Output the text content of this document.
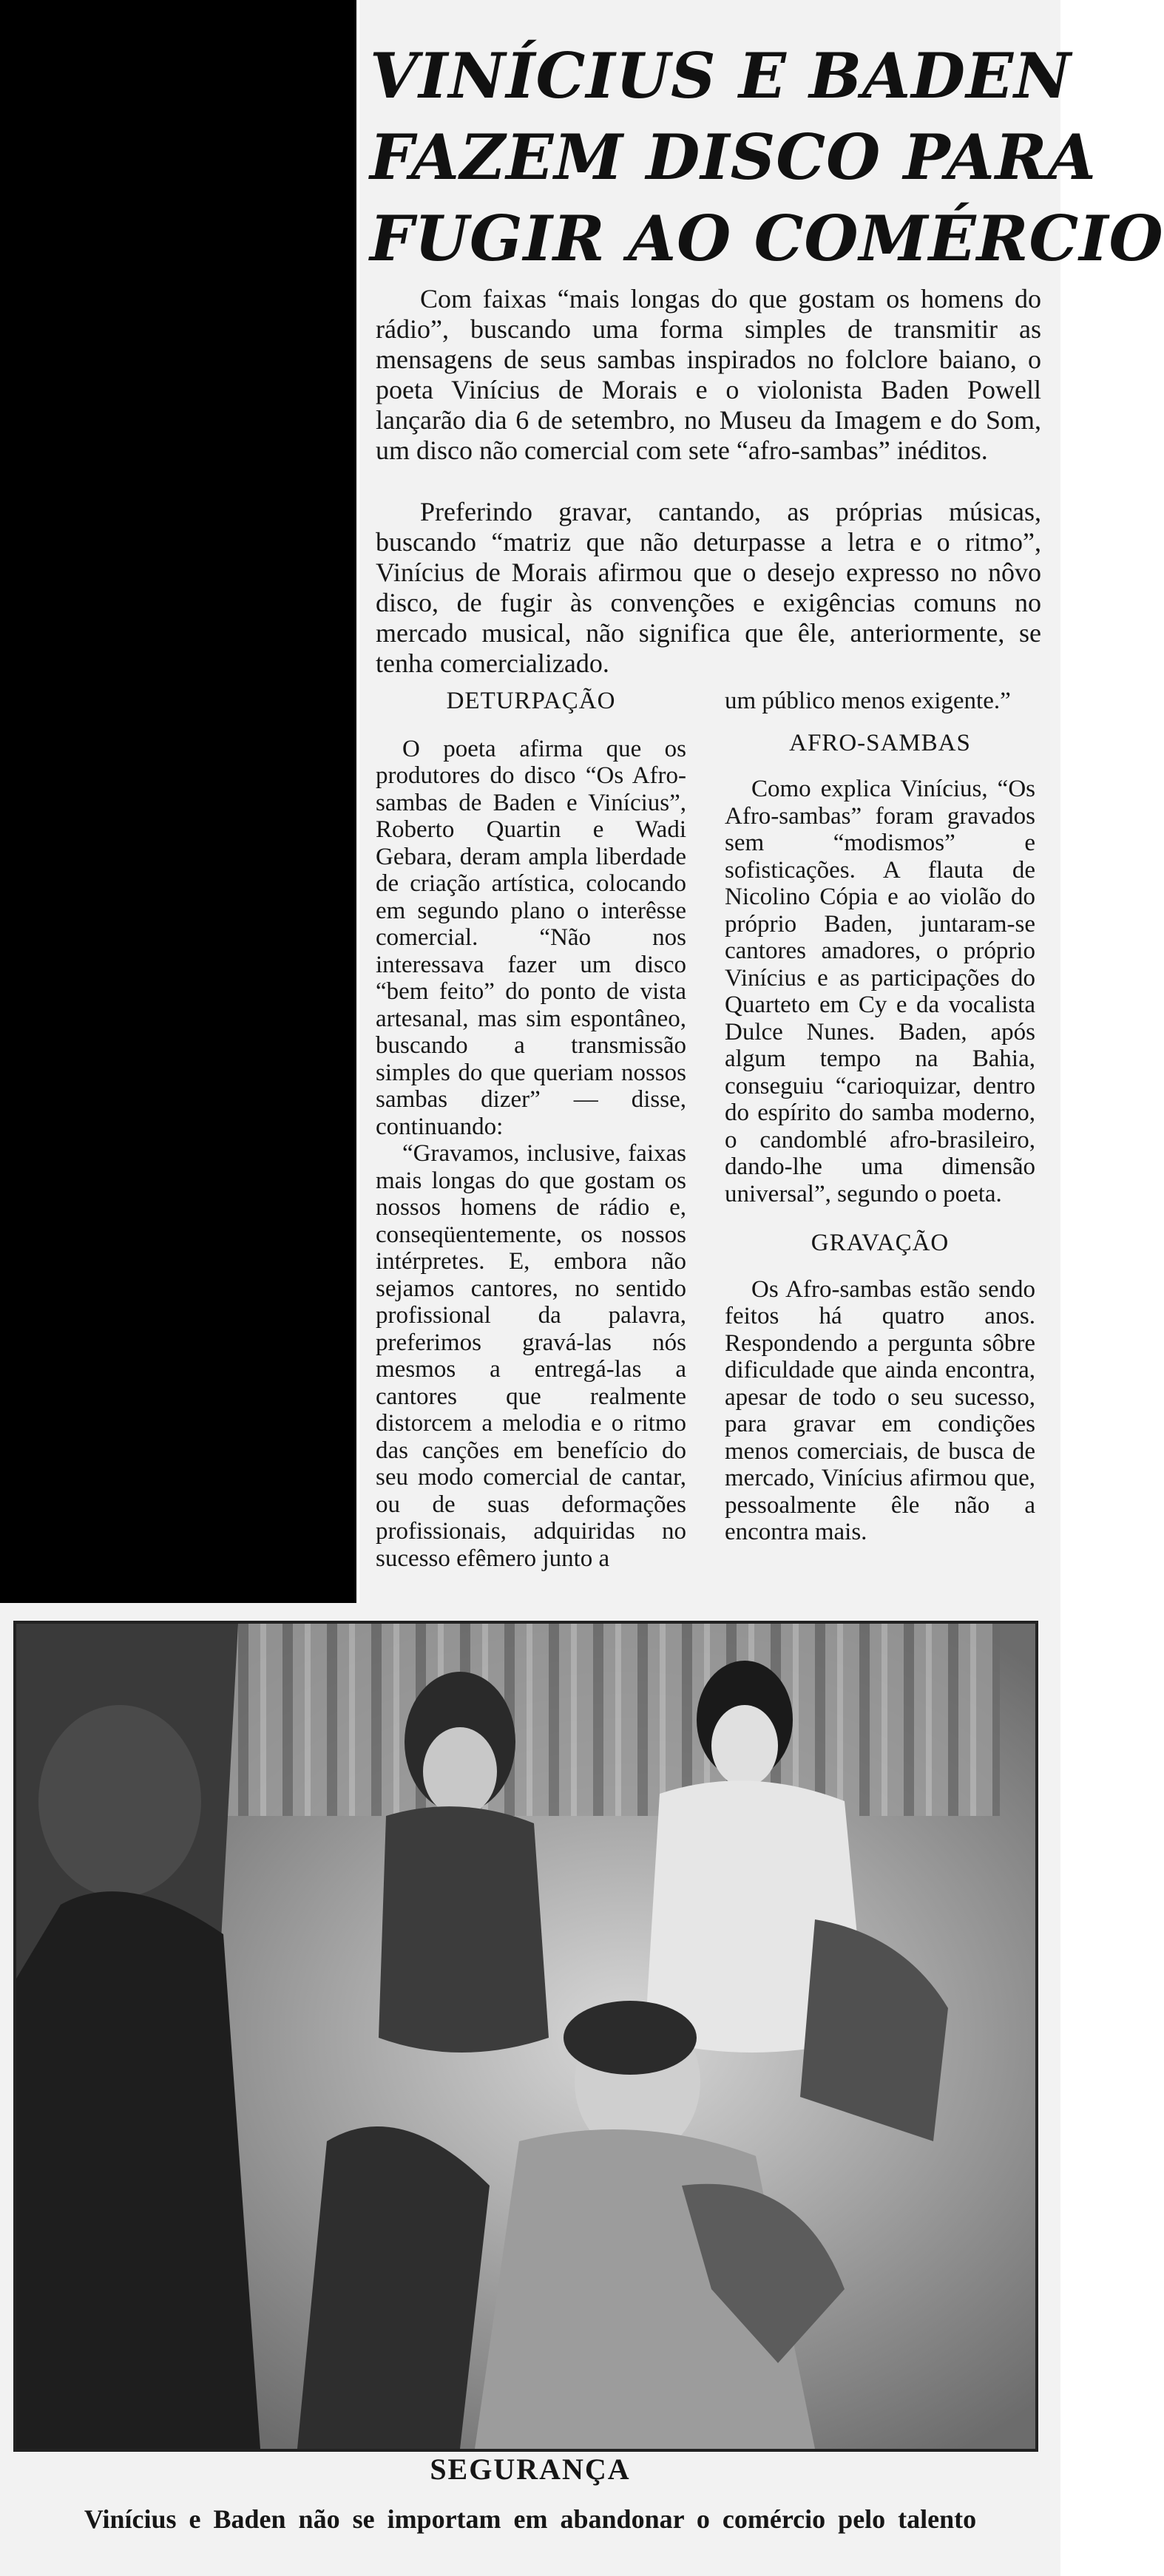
VINÍCIUS E BADEN
FAZEM DISCO PARA
FUGIR AO COMÉRCIO

Com faixas “mais longas do que gostam os homens do rádio”, buscando uma forma simples de transmitir as mensagens de seus sambas inspirados no folclore baiano, o poeta Vinícius de Morais e o violonista Baden Powell lançarão dia 6 de setembro, no Museu da Imagem e do Som, um disco não comercial com sete “afro-sambas” inéditos.

Preferindo gravar, cantando, as próprias músicas, buscando “matriz que não deturpasse a letra e o ritmo”, Vinícius de Morais afirmou que o desejo expresso no nôvo disco, de fugir às convenções e exigências comuns no mercado musical, não significa que êle, anteriormente, se tenha comercializado.

DETURPAÇÃO

O poeta afirma que os produtores do disco “Os Afro-sambas de Baden e Vinícius”, Roberto Quartin e Wadi Gebara, deram ampla liberdade de criação artística, colocando em segundo plano o interêsse comercial. “Não nos interessava fazer um disco “bem feito” do ponto de vista artesanal, mas sim espontâneo, buscando a transmissão simples do que queriam nossos sambas dizer” — disse, continuando:

“Gravamos, inclusive, faixas mais longas do que gostam os nossos homens de rádio e, conseqüentemente, os nossos intérpretes. E, embora não sejamos cantores, no sentido profissional da palavra, preferimos gravá-las nós mesmos a entregá-las a cantores que realmente distorcem a melodia e o ritmo das canções em benefício do seu modo comercial de cantar, ou de suas deformações profissionais, adquiridas no sucesso efêmero junto a

um público menos exigente.”

AFRO-SAMBAS

Como explica Vinícius, “Os Afro-sambas” foram gravados sem “modismos” e sofisticações. A flauta de Nicolino Cópia e ao violão do próprio Baden, juntaram-se cantores amadores, o próprio Vinícius e as participações do Quarteto em Cy e da vocalista Dulce Nunes. Baden, após algum tempo na Bahia, conseguiu “carioquizar, dentro do espírito do samba moderno, o candomblé afro-brasileiro, dando-lhe uma dimensão universal”, segundo o poeta.

GRAVAÇÃO

Os Afro-sambas estão sendo feitos há quatro anos. Respondendo a pergunta sôbre dificuldade que ainda encontra, apesar de todo o seu sucesso, para gravar em condições menos comerciais, de busca de mercado, Vinícius afirmou que, pessoalmente êle não a encontra mais.

SEGURANÇA
Vinícius e Baden não se importam em abandonar o comércio pelo talento
